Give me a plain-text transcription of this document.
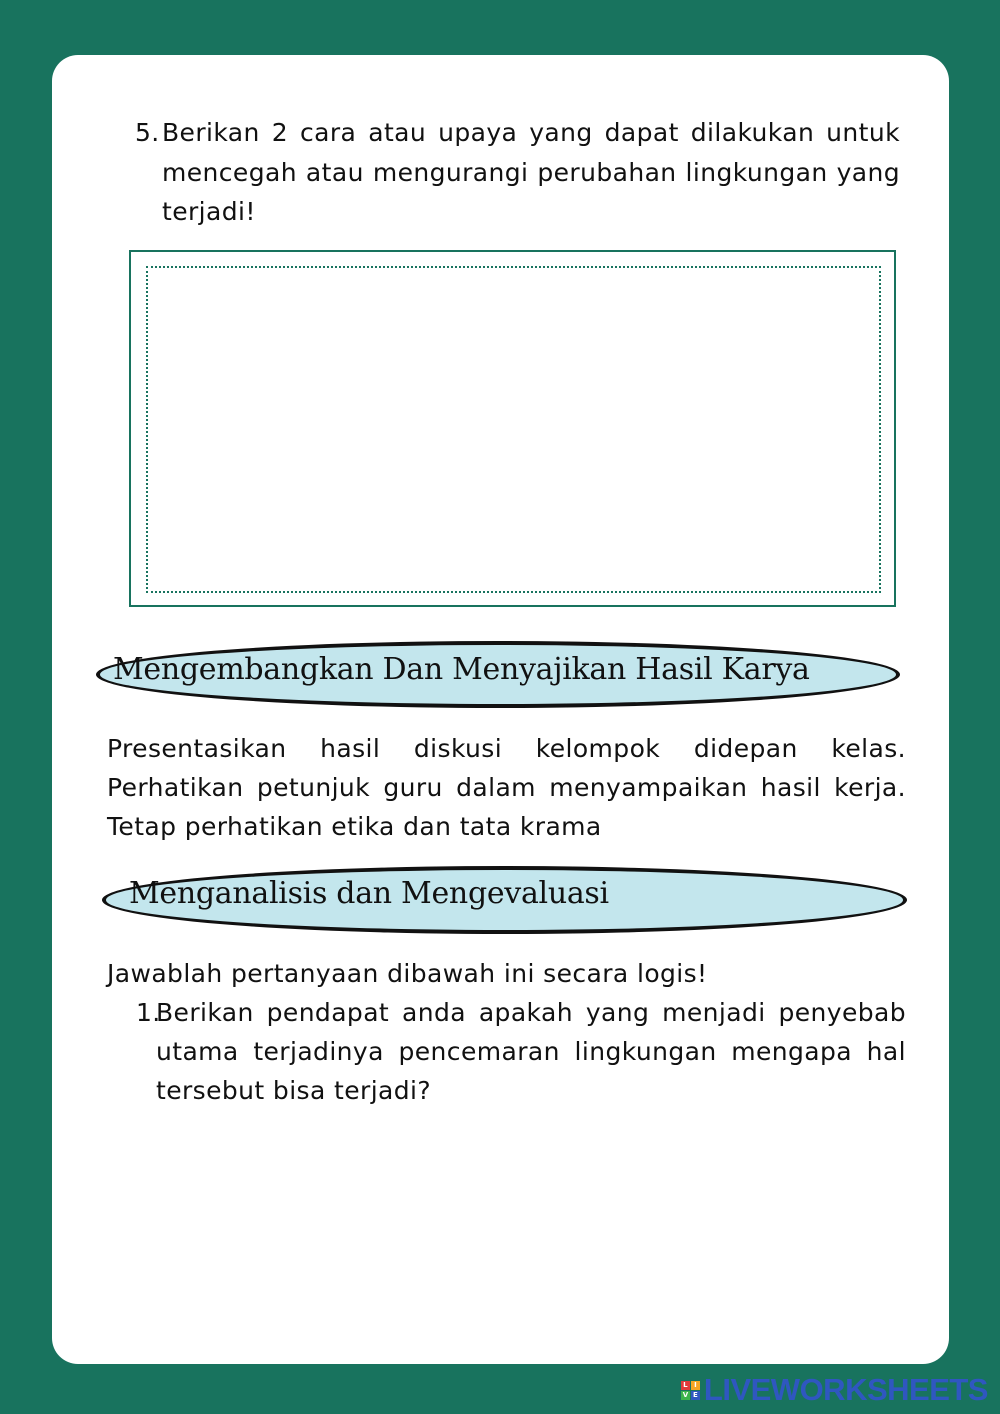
5. Berikan 2 cara atau upaya yang dapat dilakukan untuk mencegah atau mengurangi perubahan lingkungan yang terjadi!
Mengembangkan Dan Menyajikan Hasil Karya
Presentasikan hasil diskusi kelompok didepan kelas. Perhatikan petunjuk guru dalam menyampaikan hasil kerja. Tetap perhatikan etika dan tata krama
Menganalisis dan Mengevaluasi
Jawablah pertanyaan dibawah ini secara logis!
1.
Berikan pendapat anda apakah yang menjadi penyebab utama terjadinya pencemaran lingkungan mengapa hal tersebut bisa terjadi?
L I
V E LIVEWORKSHEETS
